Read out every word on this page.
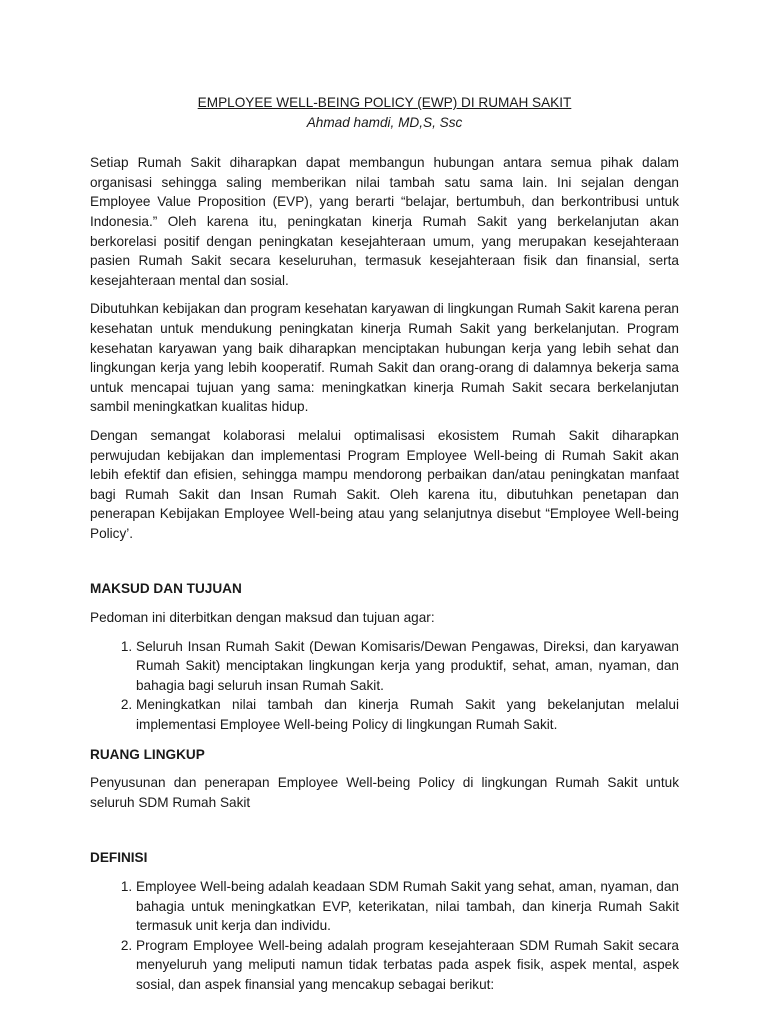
EMPLOYEE WELL-BEING POLICY (EWP) DI RUMAH SAKIT

Ahmad hamdi, MD,S, Ssc

Setiap Rumah Sakit diharapkan dapat membangun hubungan antara semua pihak dalam organisasi sehingga saling memberikan nilai tambah satu sama lain. Ini sejalan dengan Employee Value Proposition (EVP), yang berarti “belajar, bertumbuh, dan berkontribusi untuk Indonesia.” Oleh karena itu, peningkatan kinerja Rumah Sakit yang berkelanjutan akan berkorelasi positif dengan peningkatan kesejahteraan umum, yang merupakan kesejahteraan pasien Rumah Sakit secara keseluruhan, termasuk kesejahteraan fisik dan finansial, serta kesejahteraan mental dan sosial.

Dibutuhkan kebijakan dan program kesehatan karyawan di lingkungan Rumah Sakit karena peran kesehatan untuk mendukung peningkatan kinerja Rumah Sakit yang berkelanjutan. Program kesehatan karyawan yang baik diharapkan menciptakan hubungan kerja yang lebih sehat dan lingkungan kerja yang lebih kooperatif. Rumah Sakit dan orang-orang di dalamnya bekerja sama untuk mencapai tujuan yang sama: meningkatkan kinerja Rumah Sakit secara berkelanjutan sambil meningkatkan kualitas hidup.

Dengan semangat kolaborasi melalui optimalisasi ekosistem Rumah Sakit diharapkan perwujudan kebijakan dan implementasi Program Employee Well-being di Rumah Sakit akan lebih efektif dan efisien, sehingga mampu mendorong perbaikan dan/atau peningkatan manfaat bagi Rumah Sakit dan Insan Rumah Sakit. Oleh karena itu, dibutuhkan penetapan dan penerapan Kebijakan Employee Well-being atau yang selanjutnya disebut “Employee Well-being Policy’.

MAKSUD DAN TUJUAN

Pedoman ini diterbitkan dengan maksud dan tujuan agar:

1. Seluruh Insan Rumah Sakit (Dewan Komisaris/Dewan Pengawas, Direksi, dan karyawan Rumah Sakit) menciptakan lingkungan kerja yang produktif, sehat, aman, nyaman, dan bahagia bagi seluruh insan Rumah Sakit.
2. Meningkatkan nilai tambah dan kinerja Rumah Sakit yang bekelanjutan melalui implementasi Employee Well-being Policy di lingkungan Rumah Sakit.

RUANG LINGKUP

Penyusunan dan penerapan Employee Well-being Policy di lingkungan Rumah Sakit untuk seluruh SDM Rumah Sakit

DEFINISI

1. Employee Well-being adalah keadaan SDM Rumah Sakit yang sehat, aman, nyaman, dan bahagia untuk meningkatkan EVP, keterikatan, nilai tambah, dan kinerja Rumah Sakit termasuk unit kerja dan individu.
2. Program Employee Well-being adalah program kesejahteraan SDM Rumah Sakit secara menyeluruh yang meliputi namun tidak terbatas pada aspek fisik, aspek mental, aspek sosial, dan aspek finansial yang mencakup sebagai berikut:
